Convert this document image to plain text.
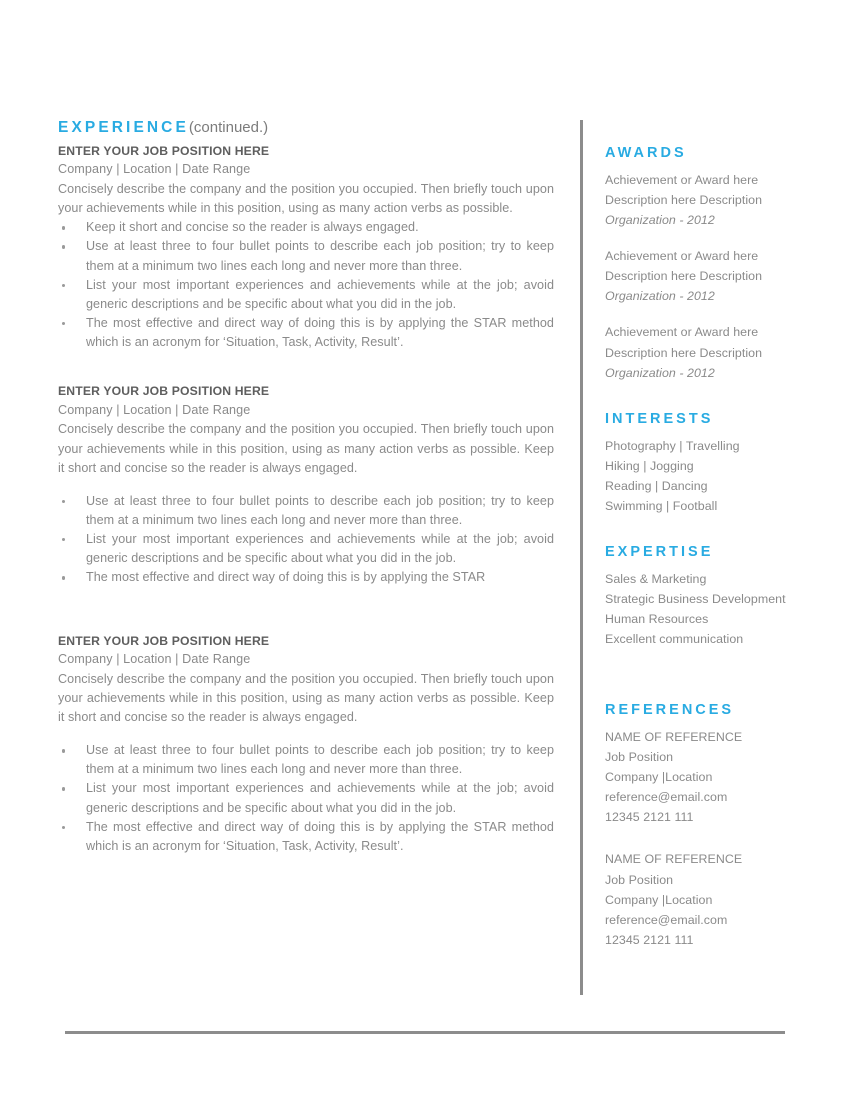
EXPERIENCE(continued.)
ENTER YOUR JOB POSITION HERE
Company | Location | Date Range
Concisely describe the company and the position you occupied. Then briefly touch upon your achievements while in this position, using as many action verbs as possible.
Keep it short and concise so the reader is always engaged.
Use at least three to four bullet points to describe each job position; try to keep them at a minimum two lines each long and never more than three.
List your most important experiences and achievements while at the job; avoid generic descriptions and be specific about what you did in the job.
The most effective and direct way of doing this is by applying the STAR method which is an acronym for ‘Situation, Task, Activity, Result’.
ENTER YOUR JOB POSITION HERE
Company | Location | Date Range
Concisely describe the company and the position you occupied. Then briefly touch upon your achievements while in this position, using as many action verbs as possible. Keep it short and concise so the reader is always engaged.
Use at least three to four bullet points to describe each job position; try to keep them at a minimum two lines each long and never more than three.
List your most important experiences and achievements while at the job; avoid generic descriptions and be specific about what you did in the job.
The most effective and direct way of doing this is by applying the STAR
ENTER YOUR JOB POSITION HERE
Company | Location | Date Range
Concisely describe the company and the position you occupied. Then briefly touch upon your achievements while in this position, using as many action verbs as possible. Keep it short and concise so the reader is always engaged.
Use at least three to four bullet points to describe each job position; try to keep them at a minimum two lines each long and never more than three.
List your most important experiences and achievements while at the job; avoid generic descriptions and be specific about what you did in the job.
The most effective and direct way of doing this is by applying the STAR method which is an acronym for ‘Situation, Task, Activity, Result’.
AWARDS
Achievement or Award here
Description here Description
Organization - 2012
Achievement or Award here
Description here Description
Organization - 2012
Achievement or Award here
Description here Description
Organization - 2012
INTERESTS
Photography | Travelling
Hiking | Jogging
Reading | Dancing
Swimming | Football
EXPERTISE
Sales & Marketing
Strategic Business Development
Human Resources
Excellent communication
REFERENCES
NAME OF REFERENCE
Job Position
Company |Location
reference@email.com
12345 2121 111
NAME OF REFERENCE
Job Position
Company |Location
reference@email.com
12345 2121 111
